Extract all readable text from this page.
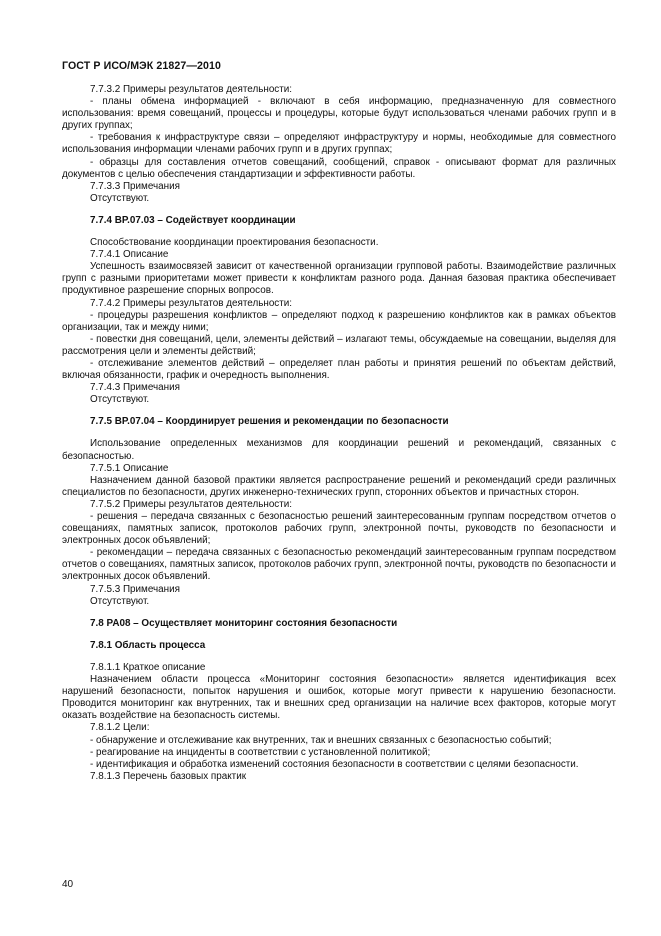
ГОСТ Р ИСО/МЭК 21827—2010

7.7.3.2 Примеры результатов деятельности:

- планы обмена информацией - включают в себя информацию, предназначенную для совместного использования: время совещаний, процессы и процедуры, которые будут использоваться членами рабочих групп и в других группах;

- требования к инфраструктуре связи – определяют инфраструктуру и нормы, необходимые для совместного использования информации членами рабочих групп и в других группах;

- образцы для составления отчетов совещаний, сообщений, справок - описывают формат для различных документов с целью обеспечения стандартизации и эффективности работы.

7.7.3.3 Примечания

Отсутствуют.

7.7.4 BP.07.03 – Содействует координации

Способствование координации проектирования безопасности.

7.7.4.1 Описание

Успешность взаимосвязей зависит от качественной организации групповой работы. Взаимодействие различных групп с разными приоритетами может привести к конфликтам разного рода. Данная базовая практика обеспечивает продуктивное разрешение спорных вопросов.

7.7.4.2 Примеры результатов деятельности:

- процедуры разрешения конфликтов – определяют подход к разрешению конфликтов как в рамках объектов организации, так и между ними;

- повестки дня совещаний, цели, элементы действий – излагают темы, обсуждаемые на совещании, выделяя для рассмотрения цели и элементы действий;

- отслеживание элементов действий – определяет план работы и принятия решений по объектам действий, включая обязанности, график и очередность выполнения.

7.7.4.3 Примечания

Отсутствуют.

7.7.5 BP.07.04 – Координирует решения и рекомендации по безопасности

Использование определенных механизмов для координации решений и рекомендаций, связанных с безопасностью.

7.7.5.1 Описание

Назначением данной базовой практики является распространение решений и рекомендаций среди различных специалистов по безопасности, других инженерно-технических групп, сторонних объектов и причастных сторон.

7.7.5.2 Примеры результатов деятельности:

- решения – передача связанных с безопасностью решений заинтересованным группам посредством отчетов о совещаниях, памятных записок, протоколов рабочих групп, электронной почты, руководств по безопасности и электронных досок объявлений;

- рекомендации – передача связанных с безопасностью рекомендаций заинтересованным группам посредством отчетов о совещаниях, памятных записок, протоколов рабочих групп, электронной почты, руководств по безопасности и электронных досок объявлений.

7.7.5.3 Примечания

Отсутствуют.

7.8 PA08 – Осуществляет мониторинг состояния безопасности

7.8.1 Область процесса

7.8.1.1 Краткое описание

Назначением области процесса «Мониторинг состояния безопасности» является идентификация всех нарушений безопасности, попыток нарушения и ошибок, которые могут привести к нарушению безопасности. Проводится мониторинг как внутренних, так и внешних сред организации на наличие всех факторов, которые могут оказать воздействие на безопасность системы.

7.8.1.2 Цели:

- обнаружение и отслеживание как внутренних, так и внешних связанных с безопасностью событий;

- реагирование на инциденты в соответствии с установленной политикой;

- идентификация и обработка изменений состояния безопасности в соответствии с целями безопасности.

7.8.1.3 Перечень базовых практик

40
